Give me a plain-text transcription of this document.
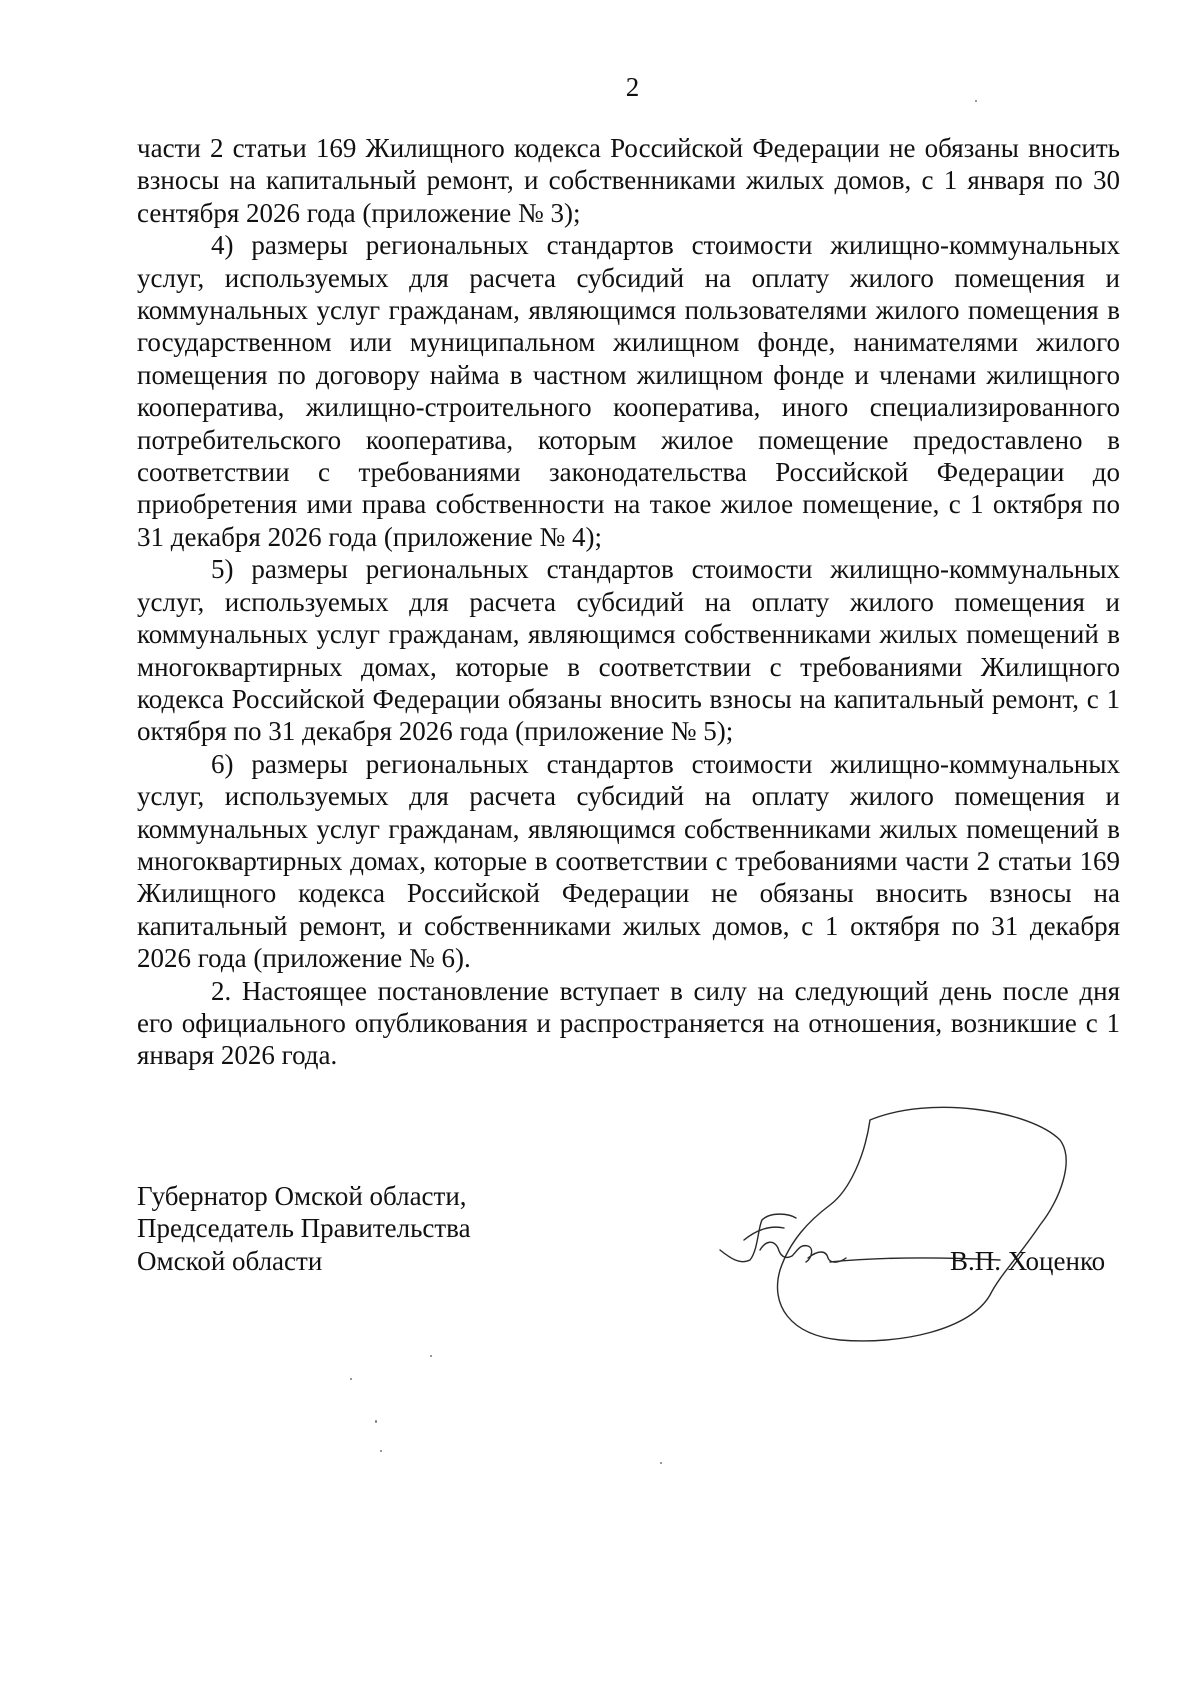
2

части 2 статьи 169 Жилищного кодекса Российской Федерации не обязаны вносить взносы на капитальный ремонт, и собственниками жилых домов, с 1 января по 30 сентября 2026 года (приложение № 3);

4) размеры региональных стандартов стоимости жилищно-коммунальных услуг, используемых для расчета субсидий на оплату жилого помещения и коммунальных услуг гражданам, являющимся пользователями жилого помещения в государственном или муниципальном жилищном фонде, нанимателями жилого помещения по договору найма в частном жилищном фонде и членами жилищного кооператива, жилищно-строительного кооператива, иного специализированного потребительского кооператива, которым жилое помещение предоставлено в соответствии с требованиями законодательства Российской Федерации до приобретения ими права собственности на такое жилое помещение, с 1 октября по 31 декабря 2026 года (приложение № 4);

5) размеры региональных стандартов стоимости жилищно-коммунальных услуг, используемых для расчета субсидий на оплату жилого помещения и коммунальных услуг гражданам, являющимся собственниками жилых помещений в многоквартирных домах, которые в соответствии с требованиями Жилищного кодекса Российской Федерации обязаны вносить взносы на капитальный ремонт, с 1 октября по 31 декабря 2026 года (приложение № 5);

6) размеры региональных стандартов стоимости жилищно-коммунальных услуг, используемых для расчета субсидий на оплату жилого помещения и коммунальных услуг гражданам, являющимся собственниками жилых помещений в многоквартирных домах, которые в соответствии с требованиями части 2 статьи 169 Жилищного кодекса Российской Федерации не обязаны вносить взносы на капитальный ремонт, и собственниками жилых домов, с 1 октября по 31 декабря 2026 года (приложение № 6).

2. Настоящее постановление вступает в силу на следующий день после дня его официального опубликования и распространяется на отношения, возникшие с 1 января 2026 года.

Губернатор Омской области,
Председатель Правительства
Омской области	В.П. Хоценко
